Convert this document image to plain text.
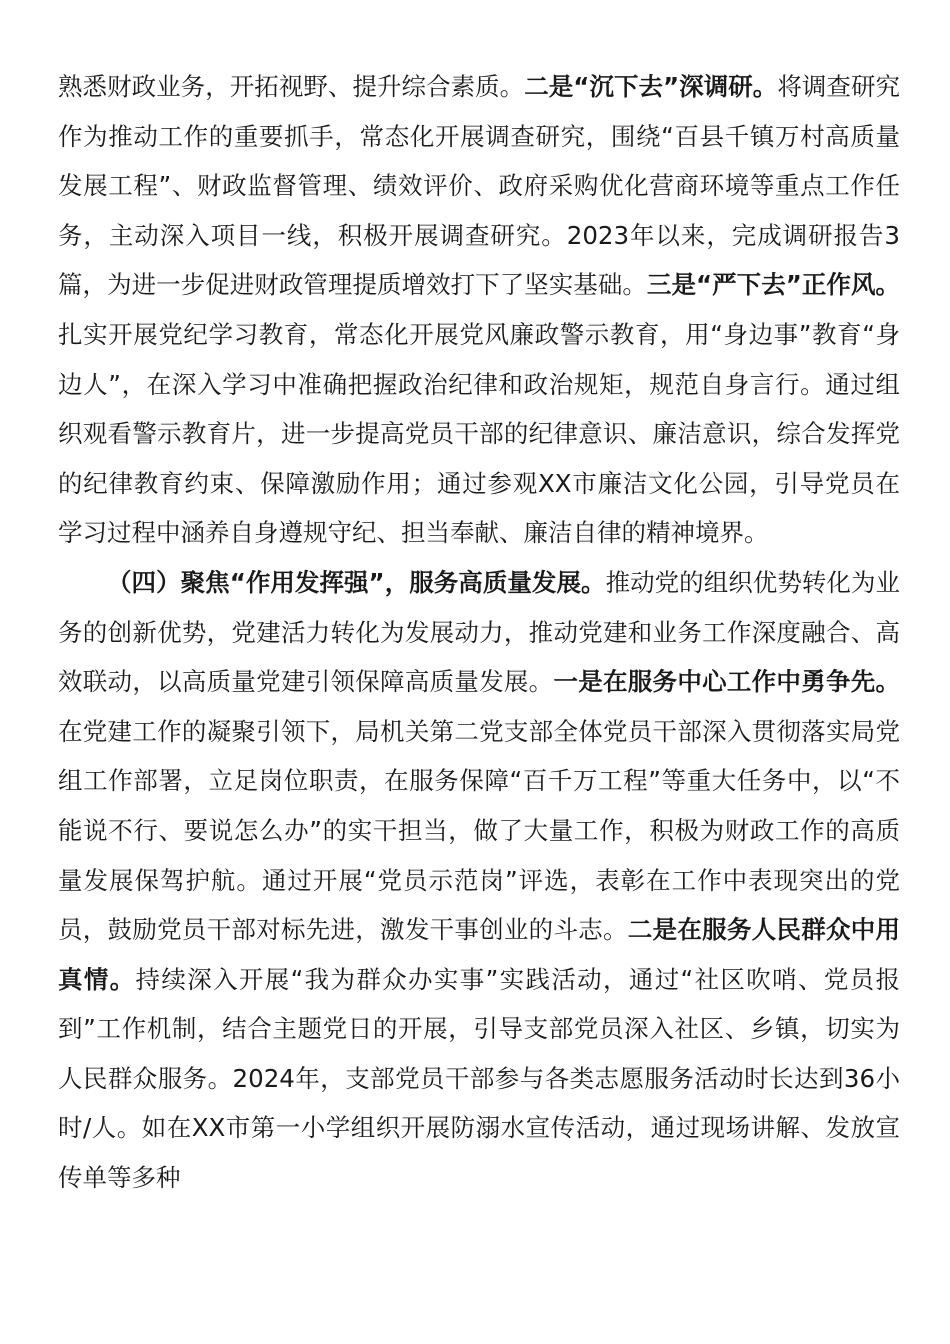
熟悉财政业务，开拓视野、提升综合素质。二是“沉下去”深调研。将调查研究作为推动工作的重要抓手，常态化开展调查研究，围绕“百县千镇万村高质量发展工程”、财政监督管理、绩效评价、政府采购优化营商环境等重点工作任务，主动深入项目一线，积极开展调查研究。2023年以来，完成调研报告3篇，为进一步促进财政管理提质增效打下了坚实基础。三是“严下去”正作风。扎实开展党纪学习教育，常态化开展党风廉政警示教育，用“身边事”教育“身边人”，在深入学习中准确把握政治纪律和政治规矩，规范自身言行。通过组织观看警示教育片，进一步提高党员干部的纪律意识、廉洁意识，综合发挥党的纪律教育约束、保障激励作用；通过参观XX市廉洁文化公园，引导党员在学习过程中涵养自身遵规守纪、担当奉献、廉洁自律的精神境界。

（四）聚焦“作用发挥强”，服务高质量发展。推动党的组织优势转化为业务的创新优势，党建活力转化为发展动力，推动党建和业务工作深度融合、高效联动，以高质量党建引领保障高质量发展。一是在服务中心工作中勇争先。在党建工作的凝聚引领下，局机关第二党支部全体党员干部深入贯彻落实局党组工作部署，立足岗位职责，在服务保障“百千万工程”等重大任务中，以“不能说不行、要说怎么办”的实干担当，做了大量工作，积极为财政工作的高质量发展保驾护航。通过开展“党员示范岗”评选，表彰在工作中表现突出的党员，鼓励党员干部对标先进，激发干事创业的斗志。二是在服务人民群众中用真情。持续深入开展“我为群众办实事”实践活动，通过“社区吹哨、党员报到”工作机制，结合主题党日的开展，引导支部党员深入社区、乡镇，切实为人民群众服务。2024年，支部党员干部参与各类志愿服务活动时长达到36小时/人。如在XX市第一小学组织开展防溺水宣传活动，通过现场讲解、发放宣传单等多种
